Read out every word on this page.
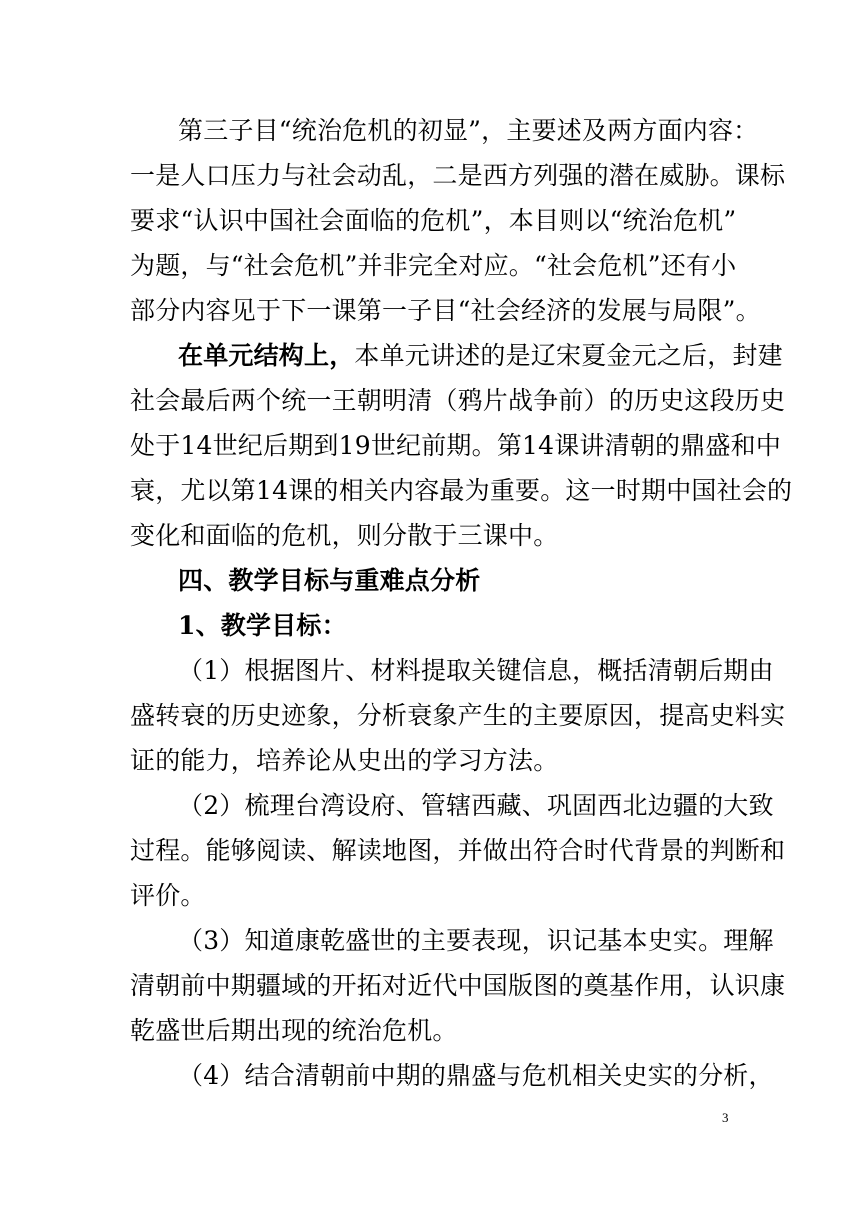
第三子目“统治危机的初显”，主要述及两方面内容：
一是人口压力与社会动乱，二是西方列强的潜在威胁。课标
要求“认识中国社会面临的危机”，本目则以“统治危机”
为题，与“社会危机”并非完全对应。“社会危机”还有小
部分内容见于下一课第一子目“社会经济的发展与局限”。
在单元结构上，本单元讲述的是辽宋夏金元之后，封建
社会最后两个统一王朝明清（鸦片战争前）的历史这段历史
处于14世纪后期到19世纪前期。第14课讲清朝的鼎盛和中
衰，尤以第14课的相关内容最为重要。这一时期中国社会的
变化和面临的危机，则分散于三课中。
四、教学目标与重难点分析
1、教学目标：
（1）根据图片、材料提取关键信息，概括清朝后期由
盛转衰的历史迹象，分析衰象产生的主要原因，提高史料实
证的能力，培养论从史出的学习方法。
（2）梳理台湾设府、管辖西藏、巩固西北边疆的大致
过程。能够阅读、解读地图，并做出符合时代背景的判断和
评价。
（3）知道康乾盛世的主要表现，识记基本史实。理解
清朝前中期疆域的开拓对近代中国版图的奠基作用，认识康
乾盛世后期出现的统治危机。
（4）结合清朝前中期的鼎盛与危机相关史实的分析，
3
